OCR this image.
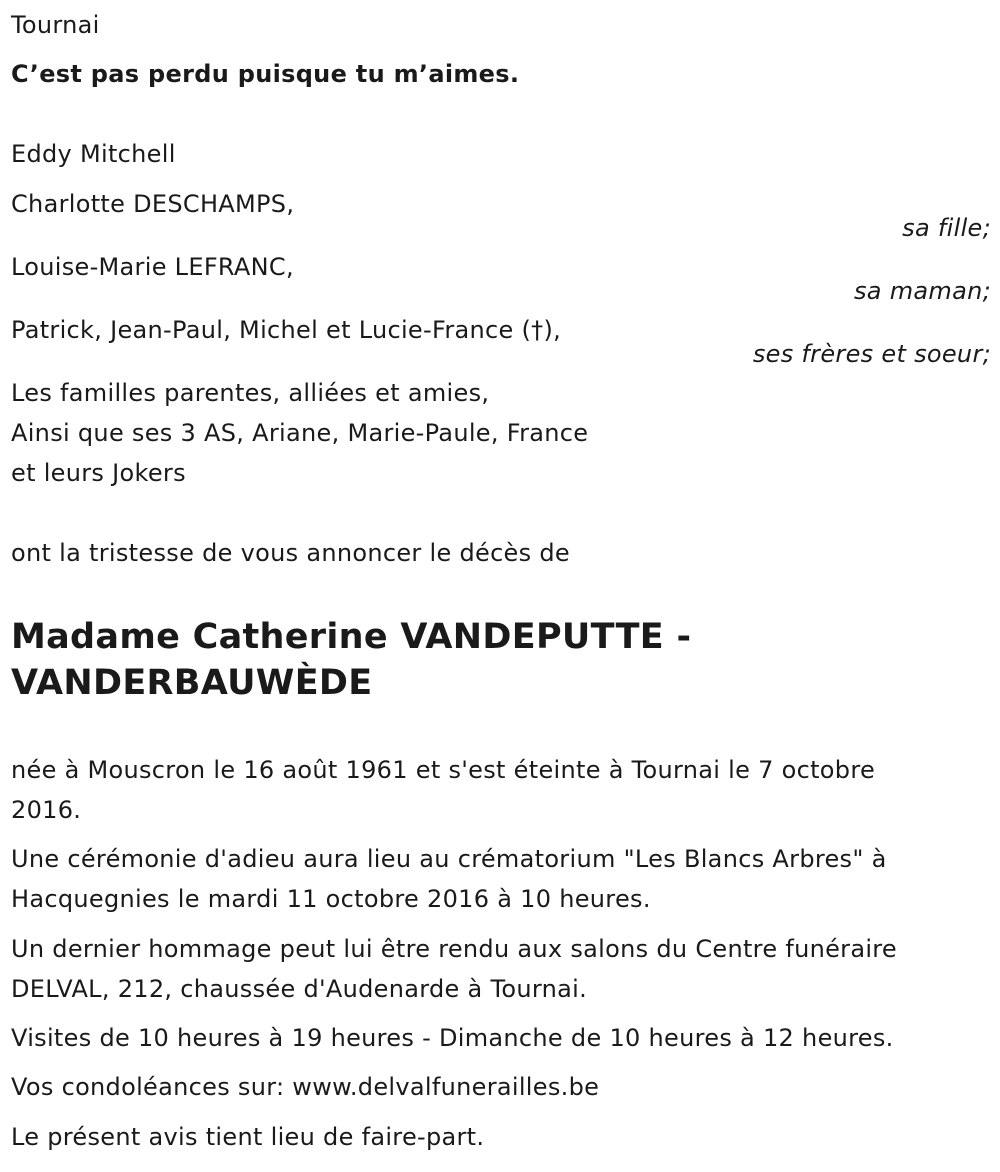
Tournai
C’est pas perdu puisque tu m’aimes.
Eddy Mitchell
Charlotte DESCHAMPS,
sa fille;
Louise-Marie LEFRANC,
sa maman;
Patrick, Jean-Paul, Michel et Lucie-France (†),
ses frères et soeur;
Les familles parentes, alliées et amies,
Ainsi que ses 3 AS, Ariane, Marie-Paule, France
et leurs Jokers
ont la tristesse de vous annoncer le décès de
Madame Catherine VANDEPUTTE -
VANDERBAUWÈDE
née à Mouscron le 16 août 1961 et s'est éteinte à Tournai le 7 octobre
2016.
Une cérémonie d'adieu aura lieu au crématorium "Les Blancs Arbres" à
Hacquegnies le mardi 11 octobre 2016 à 10 heures.
Un dernier hommage peut lui être rendu aux salons du Centre funéraire
DELVAL, 212, chaussée d'Audenarde à Tournai.
Visites de 10 heures à 19 heures - Dimanche de 10 heures à 12 heures.
Vos condoléances sur: www.delvalfunerailles.be
Le présent avis tient lieu de faire-part.
